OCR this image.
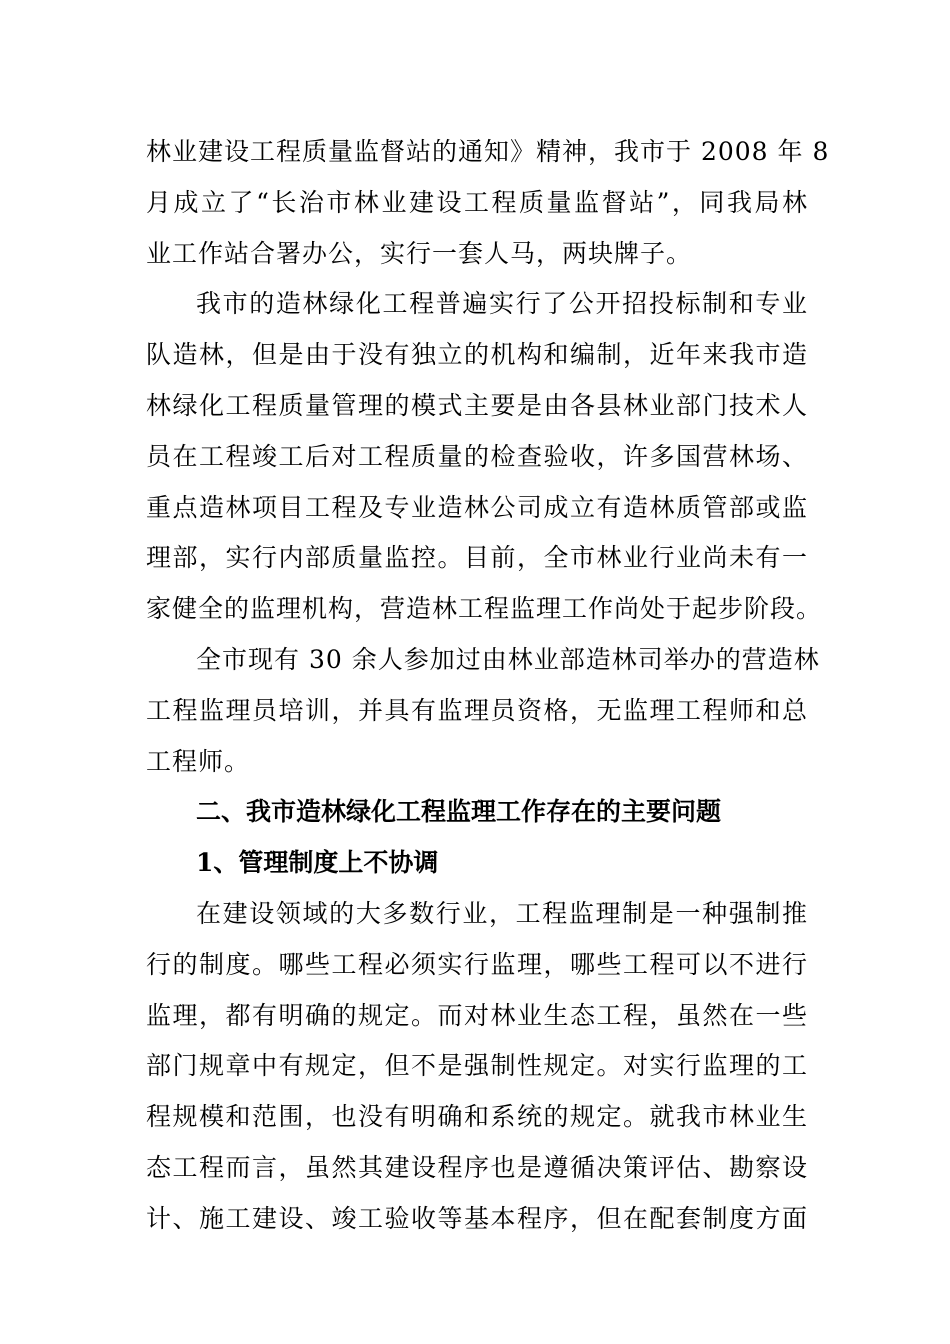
林业建设工程质量监督站的通知》精神，我市于 2008 年 8
月成立了“长治市林业建设工程质量监督站”，同我局林
业工作站合署办公，实行一套人马，两块牌子。
我市的造林绿化工程普遍实行了公开招投标制和专业
队造林，但是由于没有独立的机构和编制，近年来我市造
林绿化工程质量管理的模式主要是由各县林业部门技术人
员在工程竣工后对工程质量的检查验收，许多国营林场、
重点造林项目工程及专业造林公司成立有造林质管部或监
理部，实行内部质量监控。目前，全市林业行业尚未有一
家健全的监理机构，营造林工程监理工作尚处于起步阶段。
全市现有 30 余人参加过由林业部造林司举办的营造林
工程监理员培训，并具有监理员资格，无监理工程师和总
工程师。
二、我市造林绿化工程监理工作存在的主要问题
1、管理制度上不协调
在建设领域的大多数行业，工程监理制是一种强制推
行的制度。哪些工程必须实行监理，哪些工程可以不进行
监理，都有明确的规定。而对林业生态工程，虽然在一些
部门规章中有规定，但不是强制性规定。对实行监理的工
程规模和范围，也没有明确和系统的规定。就我市林业生
态工程而言，虽然其建设程序也是遵循决策评估、勘察设
计、施工建设、竣工验收等基本程序，但在配套制度方面
